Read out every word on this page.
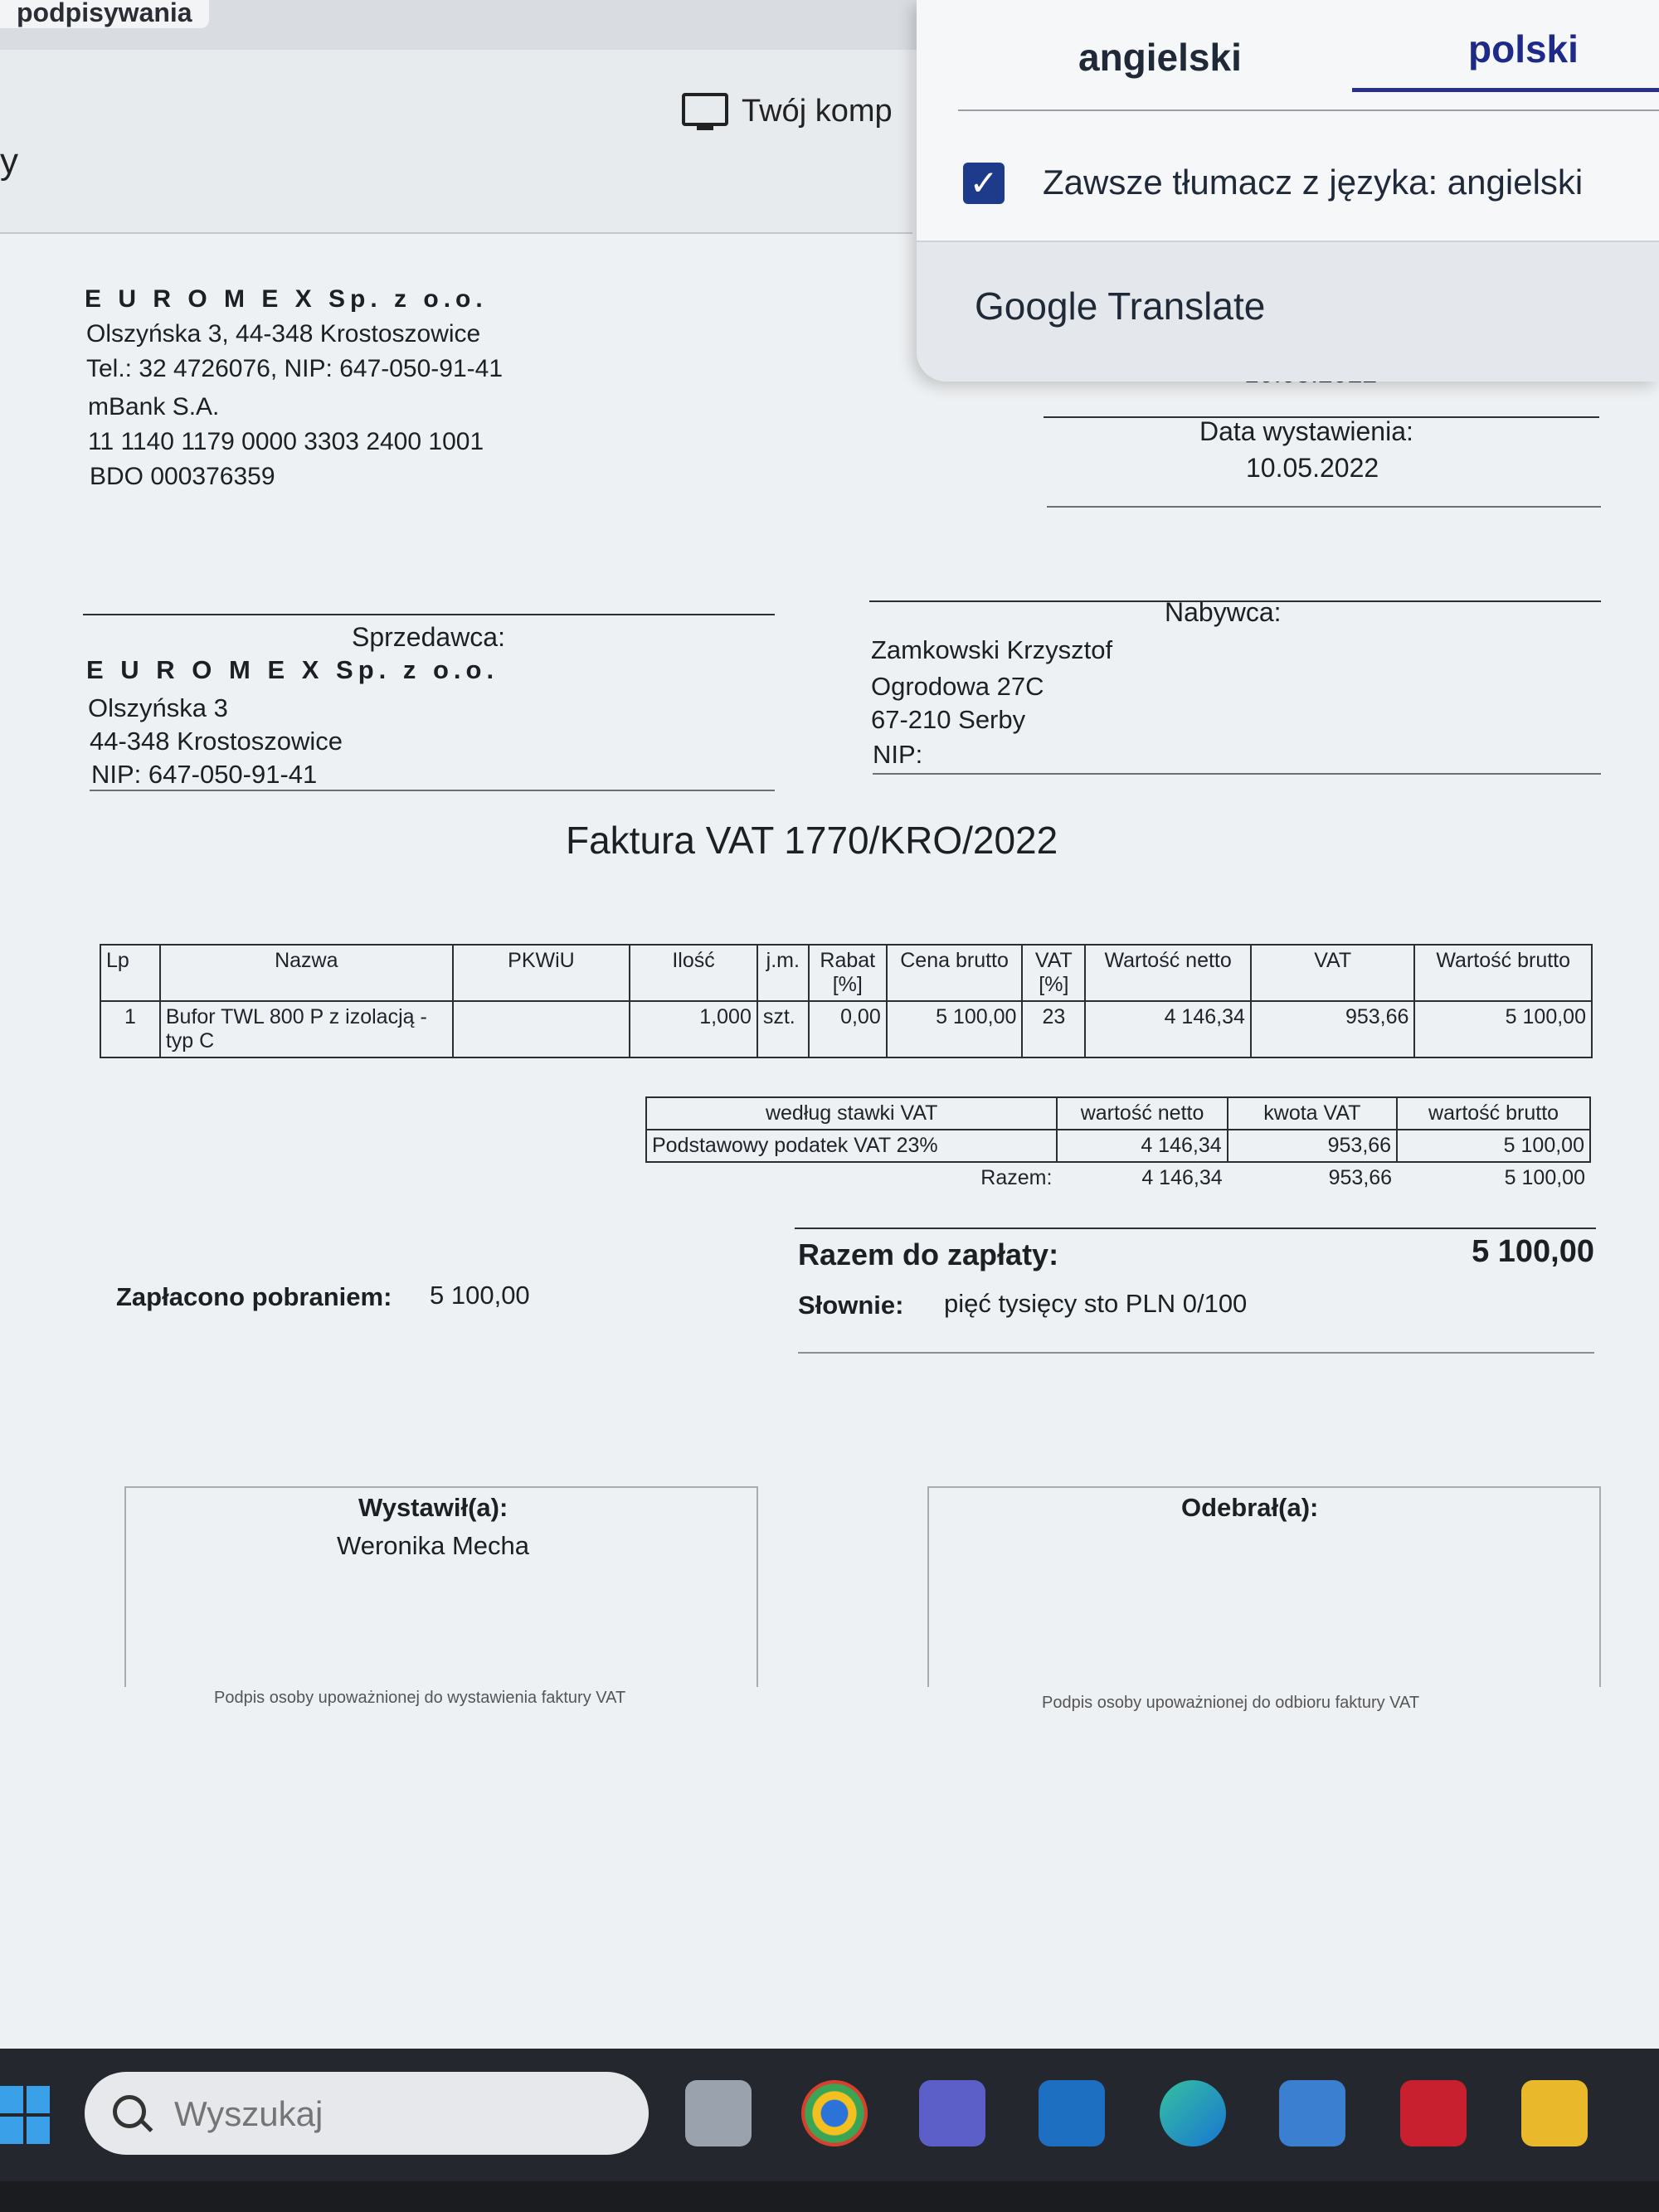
podpisywania
y
Twój komp
E U R O M E X Sp. z o.o.
Olszyńska 3, 44-348 Krostoszowice
Tel.: 32 4726076, NIP: 647-050-91-41
mBank S.A.
11 1140 1179 0000 3303 2400 1001
BDO 000376359
Data wystawienia:
10.05.2022
Sprzedawca:
Nabywca:
E U R O M E X Sp. z o.o.
Olszyńska 3
44-348 Krostoszowice
NIP: 647-050-91-41
Zamkowski Krzysztof
Ogrodowa 27C
67-210 Serby
NIP:
Faktura VAT 1770/KRO/2022
Lp	Nazwa	PKWiU	Ilość	j.m.	Rabat [%]	Cena brutto	VAT [%]	Wartość netto	VAT	Wartość brutto
1	Bufor TWL 800 P z izolacją - typ C		1,000	szt.	0,00	5 100,00	23	4 146,34	953,66	5 100,00
według stawki VAT	wartość netto	kwota VAT	wartość brutto
Podstawowy podatek VAT 23%	4 146,34	953,66	5 100,00
Razem:	4 146,34	953,66	5 100,00
Razem do zapłaty:	5 100,00
Słownie: pięć tysięcy sto PLN 0/100
Zapłacono pobraniem: 5 100,00
Wystawił(a):
Weronika Mecha
Odebrał(a):
Podpis osoby upoważnionej do wystawienia faktury VAT	Podpis osoby upoważnionej do odbioru faktury VAT
angielski	polski
✓ Zawsze tłumacz z języka: angielski
Google Translate
Wyszukaj
